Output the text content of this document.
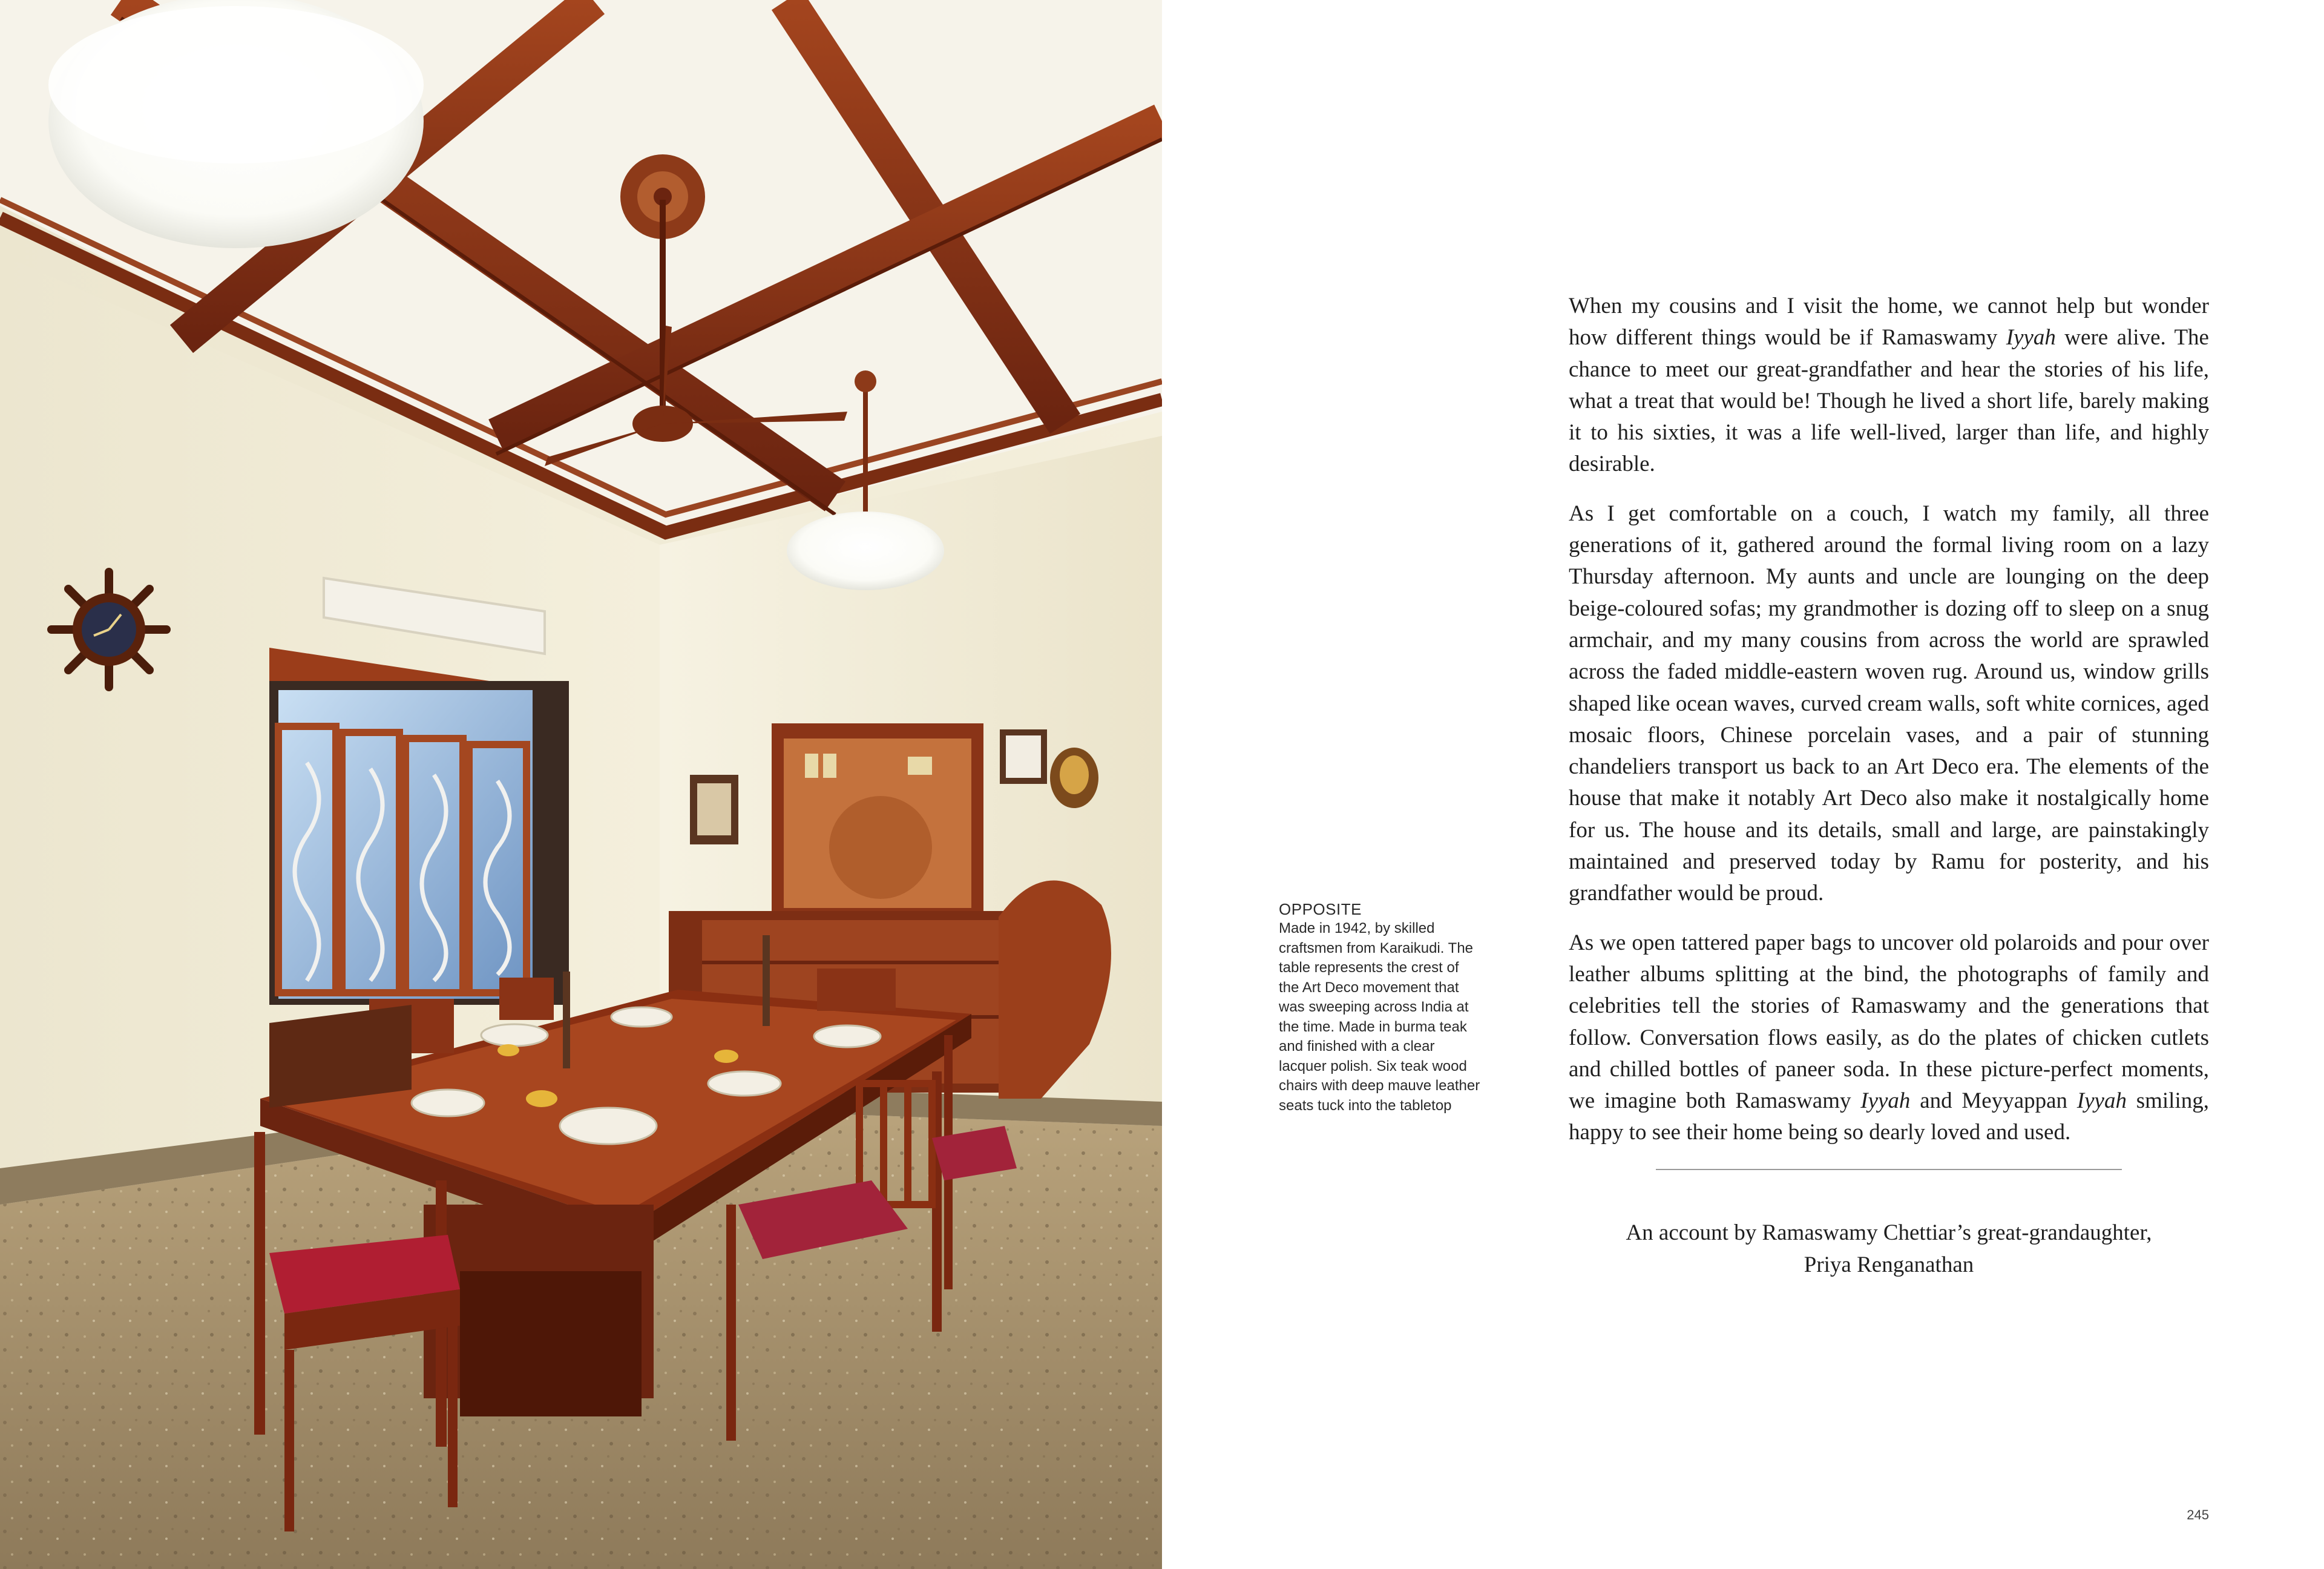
OPPOSITE
Made in 1942, by skilled
craftsmen from Karaikudi. The
table represents the crest of
the Art Deco movement that
was sweeping across India at
the time. Made in burma teak
and finished with a clear
lacquer polish. Six teak wood
chairs with deep mauve leather
seats tuck into the tabletop

When my cousins and I visit the home, we cannot help but wonder how different things would be if Ramaswamy Iyyah were alive. The chance to meet our great-grandfather and hear the stories of his life, what a treat that would be! Though he lived a short life, barely making it to his sixties, it was a life well-lived, larger than life, and highly desirable.

As I get comfortable on a couch, I watch my family, all three generations of it, gathered around the formal living room on a lazy Thursday afternoon. My aunts and uncle are lounging on the deep beige-coloured sofas; my grandmother is dozing off to sleep on a snug armchair, and my many cousins from across the world are sprawled across the faded middle-eastern woven rug. Around us, window grills shaped like ocean waves, curved cream walls, soft white cornices, aged mosaic floors, Chinese porcelain vases, and a pair of stunning chandeliers transport us back to an Art Deco era. The elements of the house that make it notably Art Deco also make it nostalgically home for us. The house and its details, small and large, are painstakingly maintained and preserved today by Ramu for posterity, and his grandfather would be proud.

As we open tattered paper bags to uncover old polaroids and pour over leather albums splitting at the bind, the photographs of family and celebrities tell the stories of Ramaswamy and the generations that follow. Conversation flows easily, as do the plates of chicken cutlets and chilled bottles of paneer soda. In these picture-perfect moments, we imagine both Ramaswamy Iyyah and Meyyappan Iyyah smiling, happy to see their home being so dearly loved and used.

An account by Ramaswamy Chettiar’s great-grandaughter,
Priya Renganathan
245
